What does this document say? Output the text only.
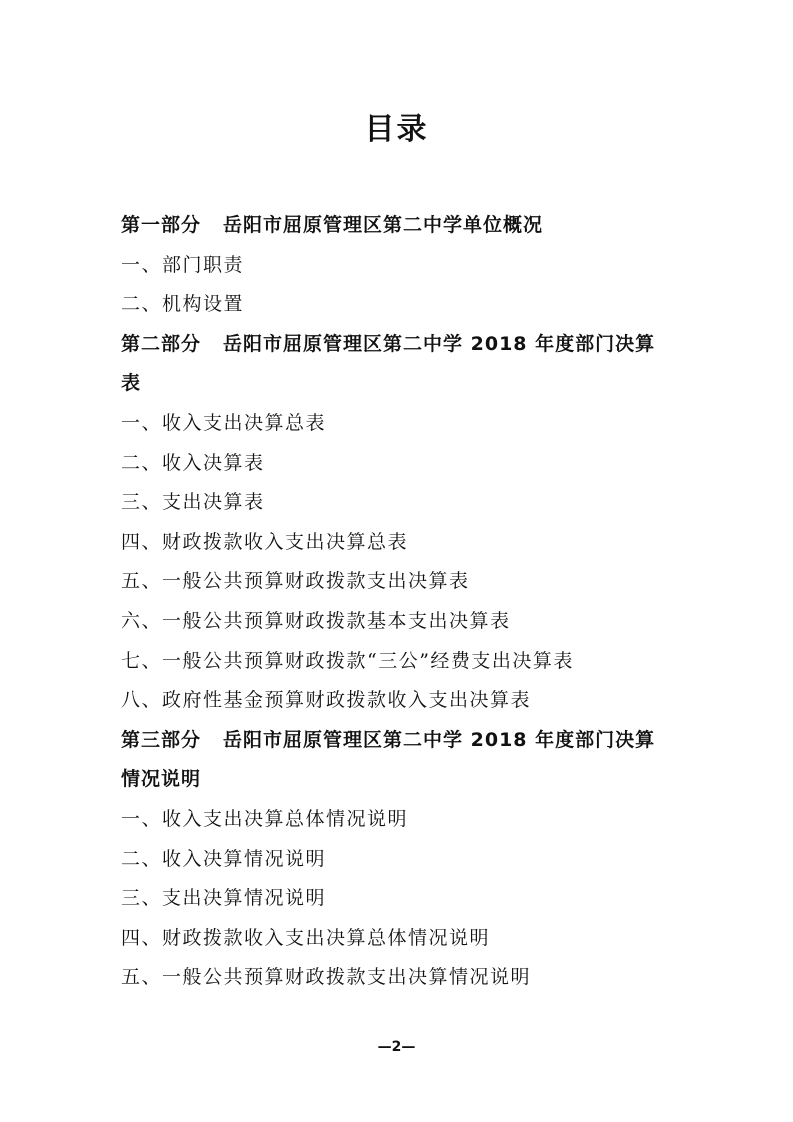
目录
第一部分 岳阳市屈原管理区第二中学单位概况
一、部门职责
二、机构设置
第二部分 岳阳市屈原管理区第二中学 2018 年度部门决算
表
一、收入支出决算总表
二、收入决算表
三、支出决算表
四、财政拨款收入支出决算总表
五、一般公共预算财政拨款支出决算表
六、一般公共预算财政拨款基本支出决算表
七、一般公共预算财政拨款“三公”经费支出决算表
八、政府性基金预算财政拨款收入支出决算表
第三部分 岳阳市屈原管理区第二中学 2018 年度部门决算
情况说明
一、收入支出决算总体情况说明
二、收入决算情况说明
三、支出决算情况说明
四、财政拨款收入支出决算总体情况说明
五、一般公共预算财政拨款支出决算情况说明
—2—
